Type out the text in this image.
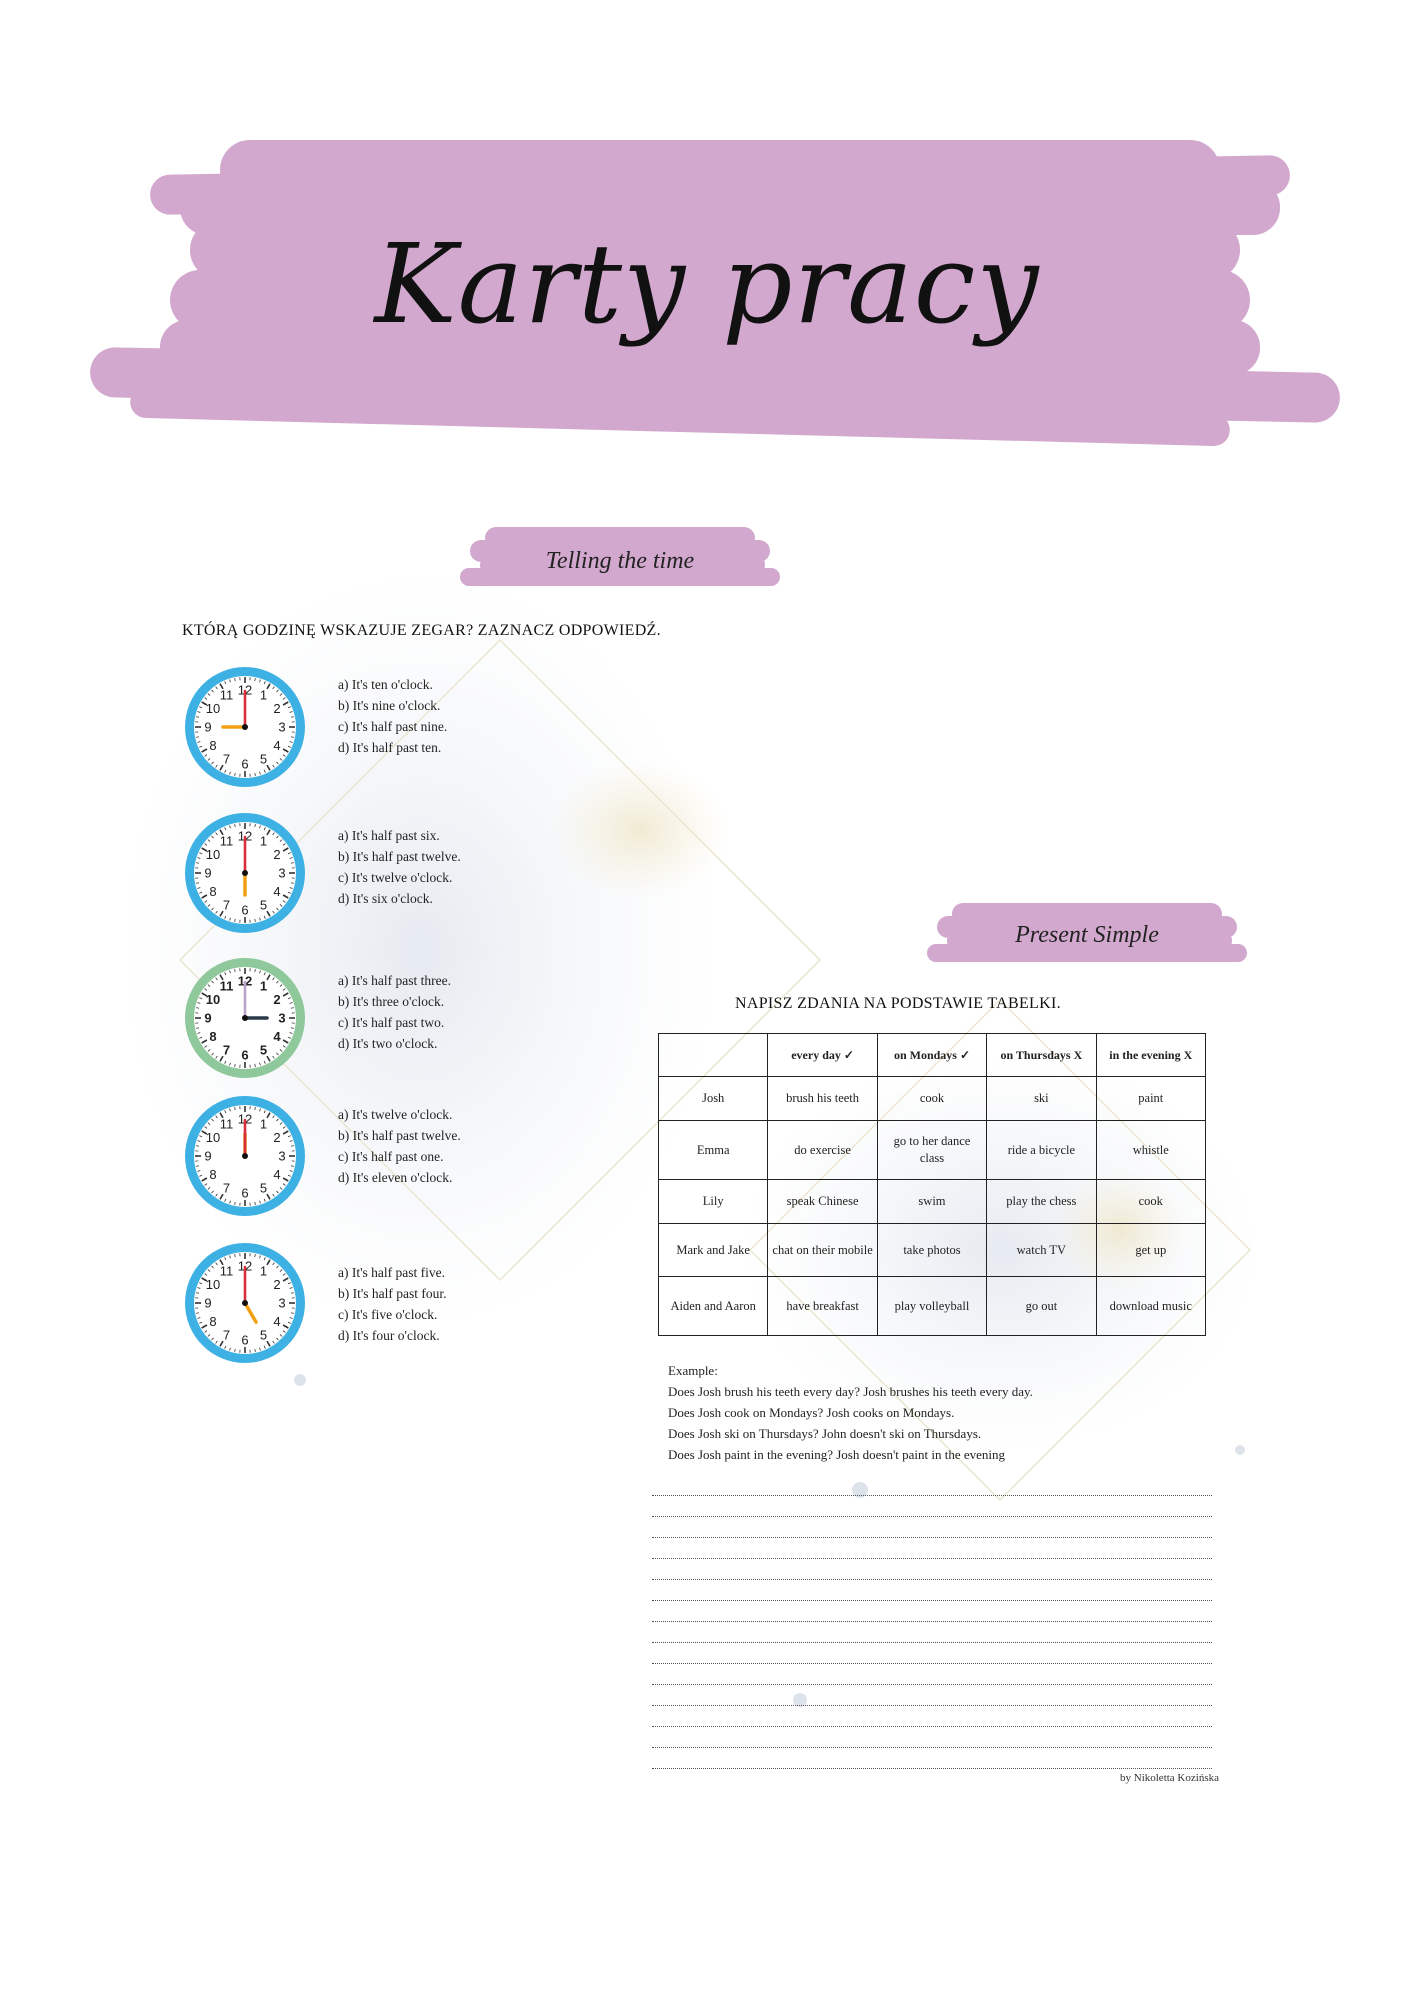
Karty pracy
Telling the time
KTÓRĄ GODZINĘ WSKAZUJE ZEGAR? ZAZNACZ ODPOWIEDŹ.
1
2
3
4
5
6
7
8
9
10
11 12	a) It's ten o'clock.
b) It's nine o'clock.
c) It's half past nine.
d) It's half past ten.
1
2
3
4
5
6
7
8
9
10
11 12	a) It's half past six.
b) It's half past twelve.
c) It's twelve o'clock.
d) It's six o'clock.
1
2
3
4
5
6
7
8
9
10
11 12	a) It's half past three.
b) It's three o'clock.
c) It's half past two.
d) It's two o'clock.
1
2
3
4
5
6
7
8
9
10
11 12	a) It's twelve o'clock.
b) It's half past twelve.
c) It's half past one.
d) It's eleven o'clock.
1
2
3
4
5
6
7
8
9
10
11 12	a) It's half past five.
b) It's half past four.
c) It's five o'clock.
d) It's four o'clock.
Present Simple
NAPISZ ZDANIA NA PODSTAWIE TABELKI.
	every day ✓	on Mondays ✓	on Thursdays X	in the evening X
Josh	brush his teeth	cook	ski	paint
Emma	do exercise	go to her dance class	ride a bicycle	whistle
Lily	speak Chinese	swim	play the chess	cook
Mark and Jake	chat on their mobile	take photos	watch TV	get up
Aiden and Aaron	have breakfast	play volleyball	go out	download music
Example:
Does Josh brush his teeth every day? Josh brushes his teeth every day.
Does Josh cook on Mondays? Josh cooks on Mondays.
Does Josh ski on Thursdays? John doesn't ski on Thursdays.
Does Josh paint in the evening? Josh doesn't paint in the evening
by Nikoletta Kozińska
